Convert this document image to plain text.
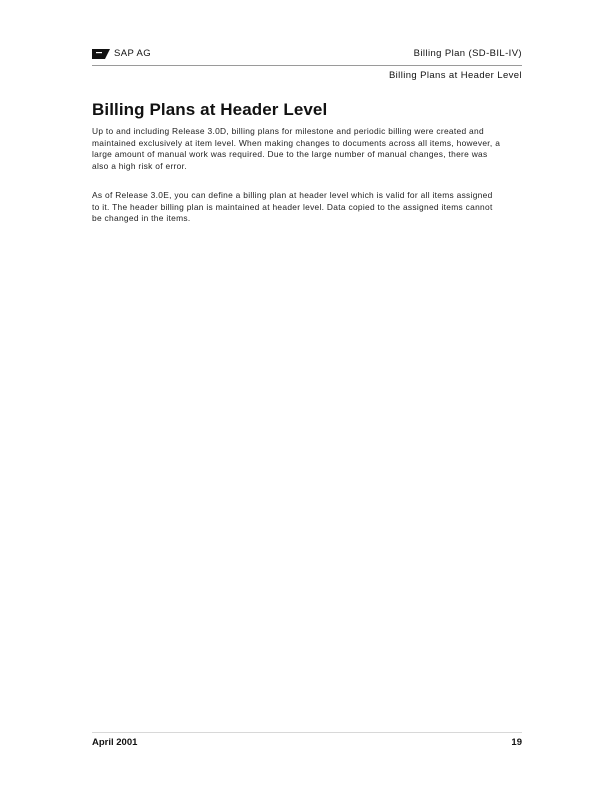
SAP AG	Billing Plan (SD-BIL-IV)
Billing Plans at Header Level
Billing Plans at Header Level

Up to and including Release 3.0D, billing plans for milestone and periodic billing were created and maintained exclusively at item level. When making changes to documents across all items, however, a large amount of manual work was required. Due to the large number of manual changes, there was also a high risk of error.

As of Release 3.0E, you can define a billing plan at header level which is valid for all items assigned to it. The header billing plan is maintained at header level. Data copied to the assigned items cannot be changed in the items.

April 2001	19
